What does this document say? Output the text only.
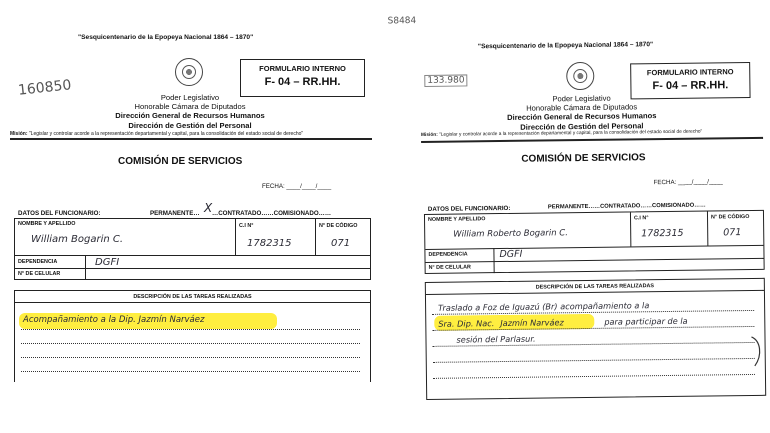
"Sesquicentenario de la Epopeya Nacional 1864 – 1870"
160850
FORMULARIO INTERNO
F- 04 – RR.HH.
Poder Legislativo
Honorable Cámara de Diputados
Dirección General de Recursos Humanos
Dirección de Gestión del Personal
Misión: "Legislar y controlar acorde a la representación departamental y capital, para la consolidación del estado social de derecho"
COMISIÓN DE SERVICIOS
FECHA: ____/____/____
DATOS DEL FUNCIONARIO:	PERMANENTE… X …CONTRATADO……COMISIONADO……
NOMBRE Y APELLIDO	C.I N°	N° DE CÓDIGO
William Bogarin C.	1782315	071
DEPENDENCIA	DGFI
N° DE CELULAR
DESCRIPCIÓN DE LAS TAREAS REALIZADAS
Acompañamiento a la Dip. Jazmín Narváez
S8484
"Sesquicentenario de la Epopeya Nacional 1864 – 1870"
133.980
FORMULARIO INTERNO
F- 04 – RR.HH.
Poder Legislativo
Honorable Cámara de Diputados
Dirección General de Recursos Humanos
Dirección de Gestión del Personal
Misión: "Legislar y controlar acorde a la representación departamental y capital, para la consolidación del estado social de derecho"
COMISIÓN DE SERVICIOS
FECHA: ____/____/____
DATOS DEL FUNCIONARIO:	PERMANENTE……CONTRATADO……COMISIONADO……
NOMBRE Y APELLIDO	C.I N°	N° DE CÓDIGO
William Roberto Bogarin C.	1782315	071
DEPENDENCIA	DGFI
N° DE CELULAR
DESCRIPCIÓN DE LAS TAREAS REALIZADAS
Traslado a Foz de Iguazú (Br) acompañamiento a la
Sra. Dip. Nac. Jazmín Narváez	para participar de la
sesión del Parlasur.
